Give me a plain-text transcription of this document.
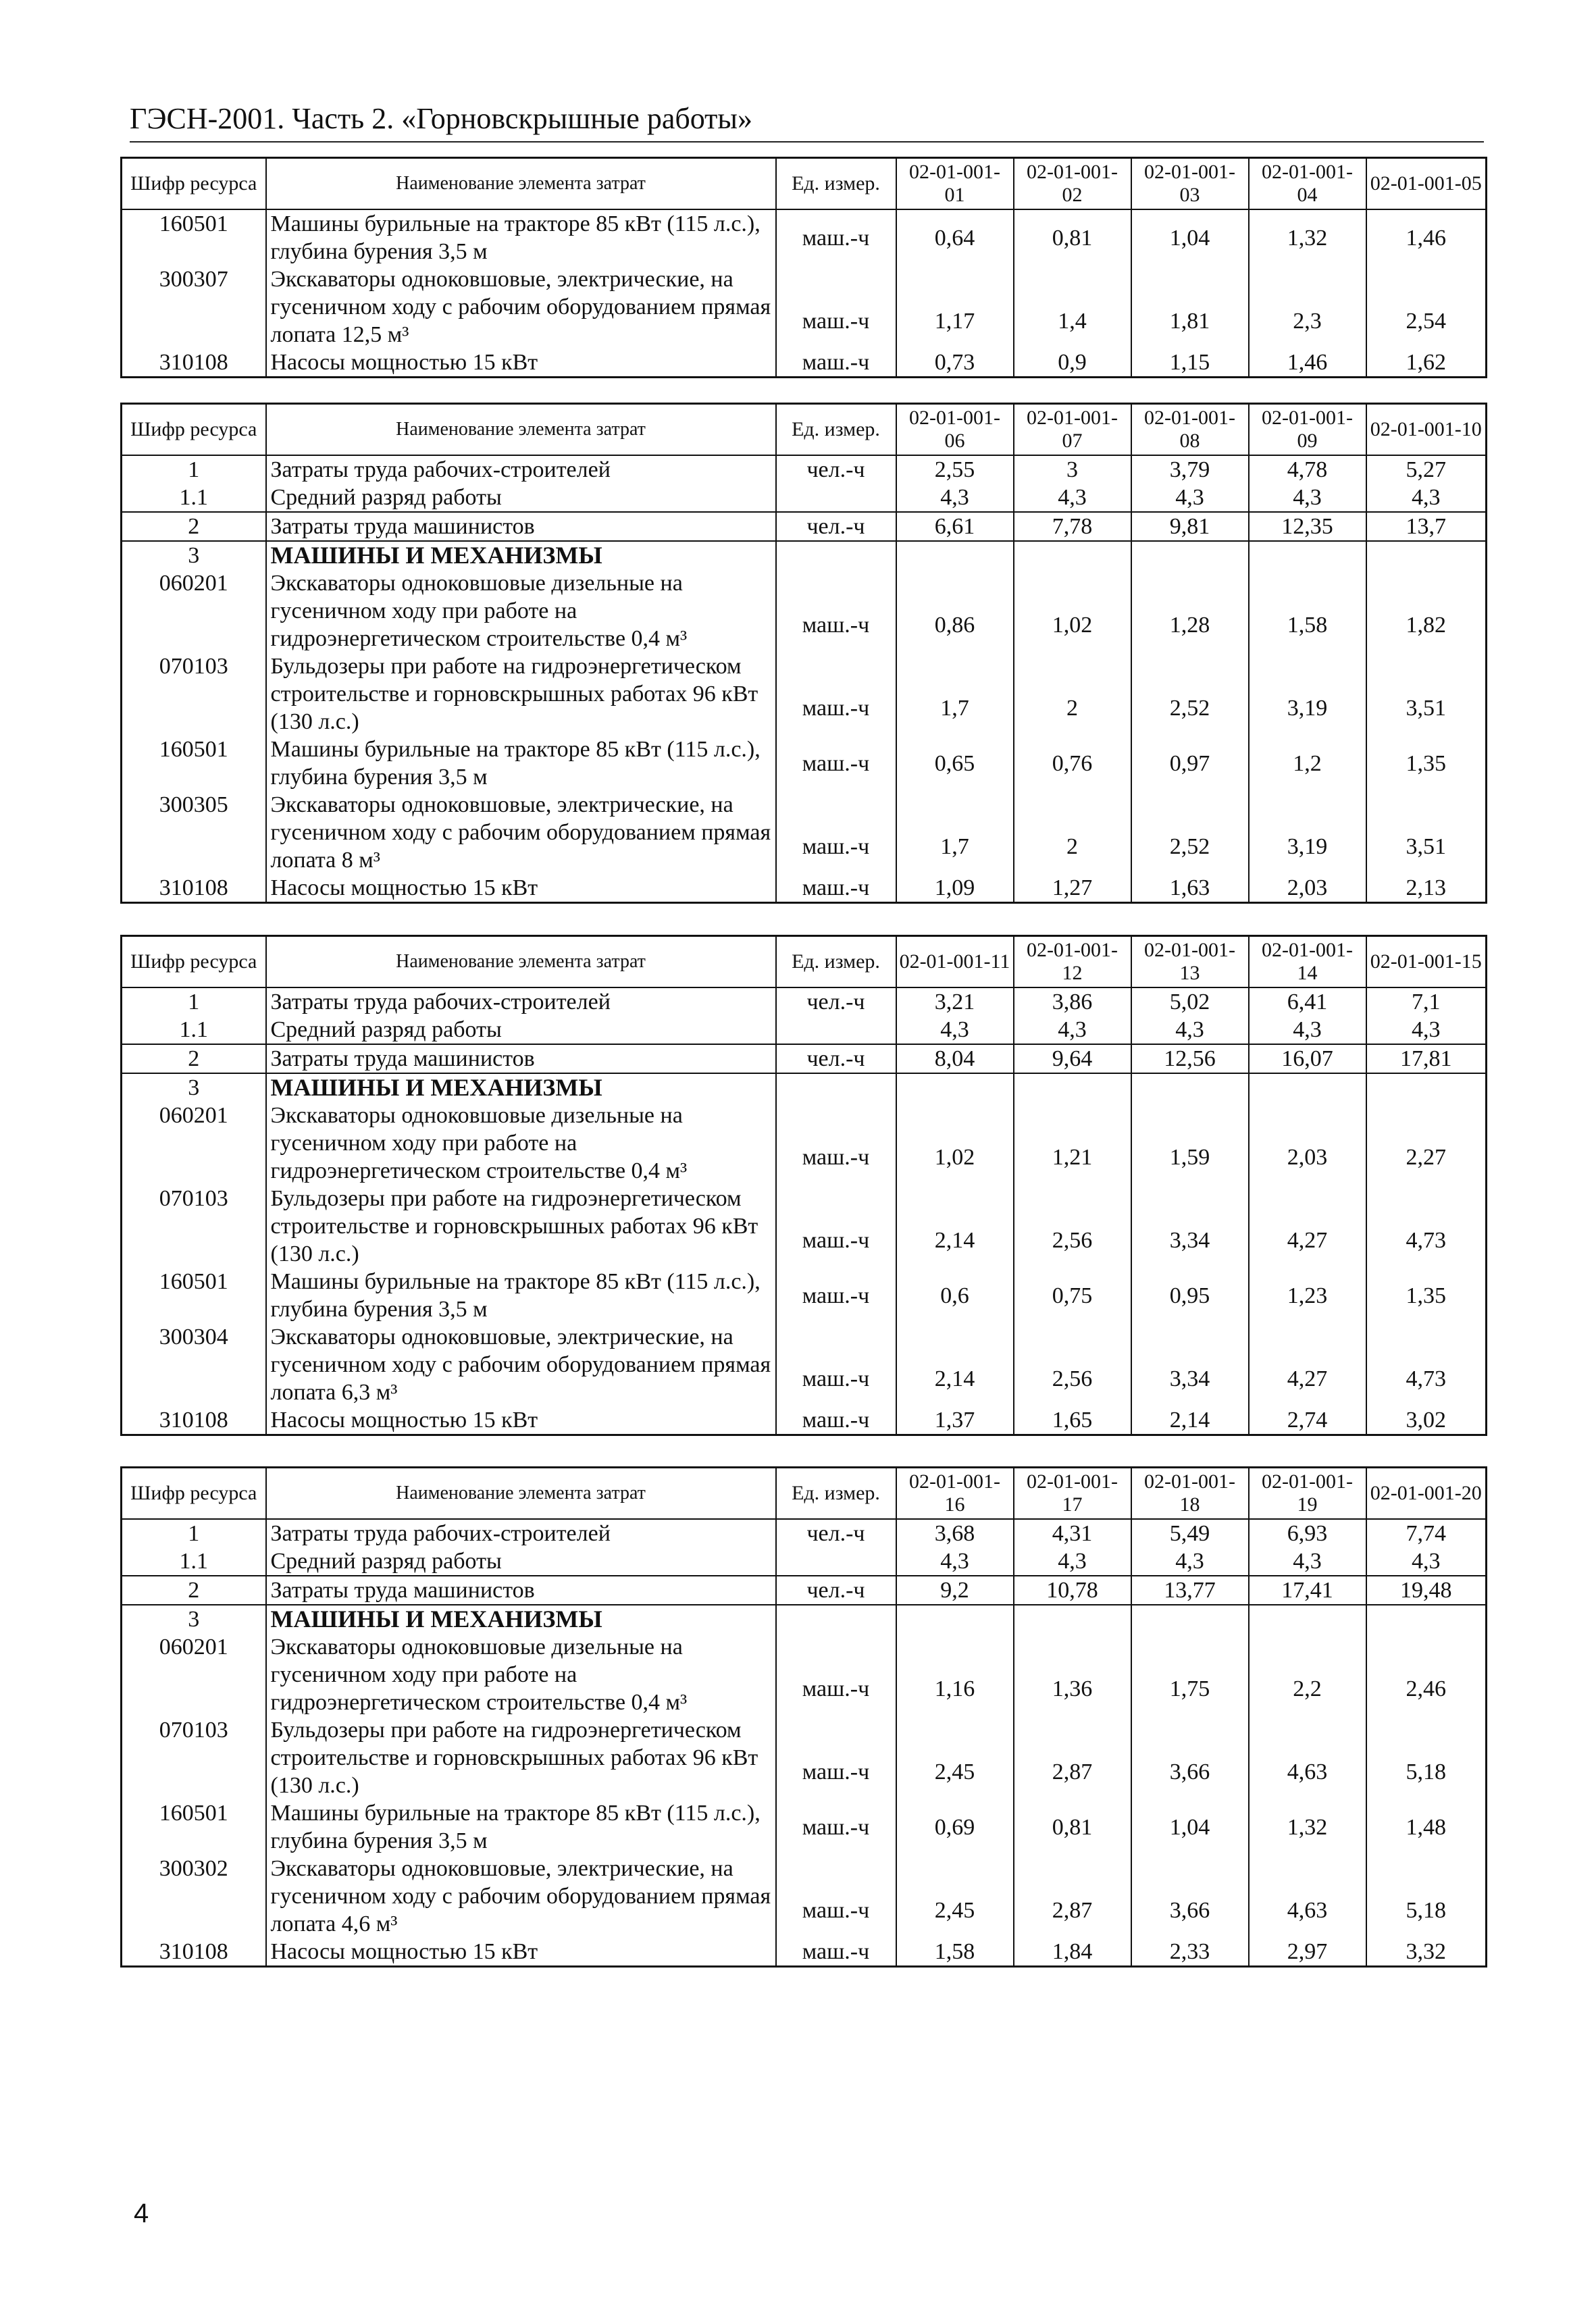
ГЭСН-2001. Часть 2. «Горновскрышные работы»
Шифр ресурса	Наименование элемента затрат	Ед. измер.	02-01-001-01	02-01-001-02	02-01-001-03	02-01-001-04	02-01-001-05
160501	Машины бурильные на тракторе 85 кВт (115 л.с.), глубина бурения 3,5 м	маш.-ч	0,64	0,81	1,04	1,32	1,46
300307	Экскаваторы одноковшовые, электрические, на гусеничном ходу с рабочим оборудованием прямая лопата 12,5 м³	маш.-ч	1,17	1,4	1,81	2,3	2,54
310108	Насосы мощностью 15 кВт	маш.-ч	0,73	0,9	1,15	1,46	1,62
Шифр ресурса	Наименование элемента затрат	Ед. измер.	02-01-001-06	02-01-001-07	02-01-001-08	02-01-001-09	02-01-001-10
1	Затраты труда рабочих-строителей	чел.-ч	2,55	3	3,79	4,78	5,27
1.1	Средний разряд работы		4,3	4,3	4,3	4,3	4,3
2	Затраты труда машинистов	чел.-ч	6,61	7,78	9,81	12,35	13,7
3	МАШИНЫ И МЕХАНИЗМЫ						
060201	Экскаваторы одноковшовые дизельные на гусеничном ходу при работе на гидроэнергетическом строительстве 0,4 м³	маш.-ч	0,86	1,02	1,28	1,58	1,82
070103	Бульдозеры при работе на гидроэнергетическом строительстве и горновскрышных работах 96 кВт (130 л.с.)	маш.-ч	1,7	2	2,52	3,19	3,51
160501	Машины бурильные на тракторе 85 кВт (115 л.с.), глубина бурения 3,5 м	маш.-ч	0,65	0,76	0,97	1,2	1,35
300305	Экскаваторы одноковшовые, электрические, на гусеничном ходу с рабочим оборудованием прямая лопата 8 м³	маш.-ч	1,7	2	2,52	3,19	3,51
310108	Насосы мощностью 15 кВт	маш.-ч	1,09	1,27	1,63	2,03	2,13
Шифр ресурса	Наименование элемента затрат	Ед. измер.	02-01-001-11	02-01-001-12	02-01-001-13	02-01-001-14	02-01-001-15
1	Затраты труда рабочих-строителей	чел.-ч	3,21	3,86	5,02	6,41	7,1
1.1	Средний разряд работы		4,3	4,3	4,3	4,3	4,3
2	Затраты труда машинистов	чел.-ч	8,04	9,64	12,56	16,07	17,81
3	МАШИНЫ И МЕХАНИЗМЫ						
060201	Экскаваторы одноковшовые дизельные на гусеничном ходу при работе на гидроэнергетическом строительстве 0,4 м³	маш.-ч	1,02	1,21	1,59	2,03	2,27
070103	Бульдозеры при работе на гидроэнергетическом строительстве и горновскрышных работах 96 кВт (130 л.с.)	маш.-ч	2,14	2,56	3,34	4,27	4,73
160501	Машины бурильные на тракторе 85 кВт (115 л.с.), глубина бурения 3,5 м	маш.-ч	0,6	0,75	0,95	1,23	1,35
300304	Экскаваторы одноковшовые, электрические, на гусеничном ходу с рабочим оборудованием прямая лопата 6,3 м³	маш.-ч	2,14	2,56	3,34	4,27	4,73
310108	Насосы мощностью 15 кВт	маш.-ч	1,37	1,65	2,14	2,74	3,02
Шифр ресурса	Наименование элемента затрат	Ед. измер.	02-01-001-16	02-01-001-17	02-01-001-18	02-01-001-19	02-01-001-20
1	Затраты труда рабочих-строителей	чел.-ч	3,68	4,31	5,49	6,93	7,74
1.1	Средний разряд работы		4,3	4,3	4,3	4,3	4,3
2	Затраты труда машинистов	чел.-ч	9,2	10,78	13,77	17,41	19,48
3	МАШИНЫ И МЕХАНИЗМЫ						
060201	Экскаваторы одноковшовые дизельные на гусеничном ходу при работе на гидроэнергетическом строительстве 0,4 м³	маш.-ч	1,16	1,36	1,75	2,2	2,46
070103	Бульдозеры при работе на гидроэнергетическом строительстве и горновскрышных работах 96 кВт (130 л.с.)	маш.-ч	2,45	2,87	3,66	4,63	5,18
160501	Машины бурильные на тракторе 85 кВт (115 л.с.), глубина бурения 3,5 м	маш.-ч	0,69	0,81	1,04	1,32	1,48
300302	Экскаваторы одноковшовые, электрические, на гусеничном ходу с рабочим оборудованием прямая лопата 4,6 м³	маш.-ч	2,45	2,87	3,66	4,63	5,18
310108	Насосы мощностью 15 кВт	маш.-ч	1,58	1,84	2,33	2,97	3,32
4
